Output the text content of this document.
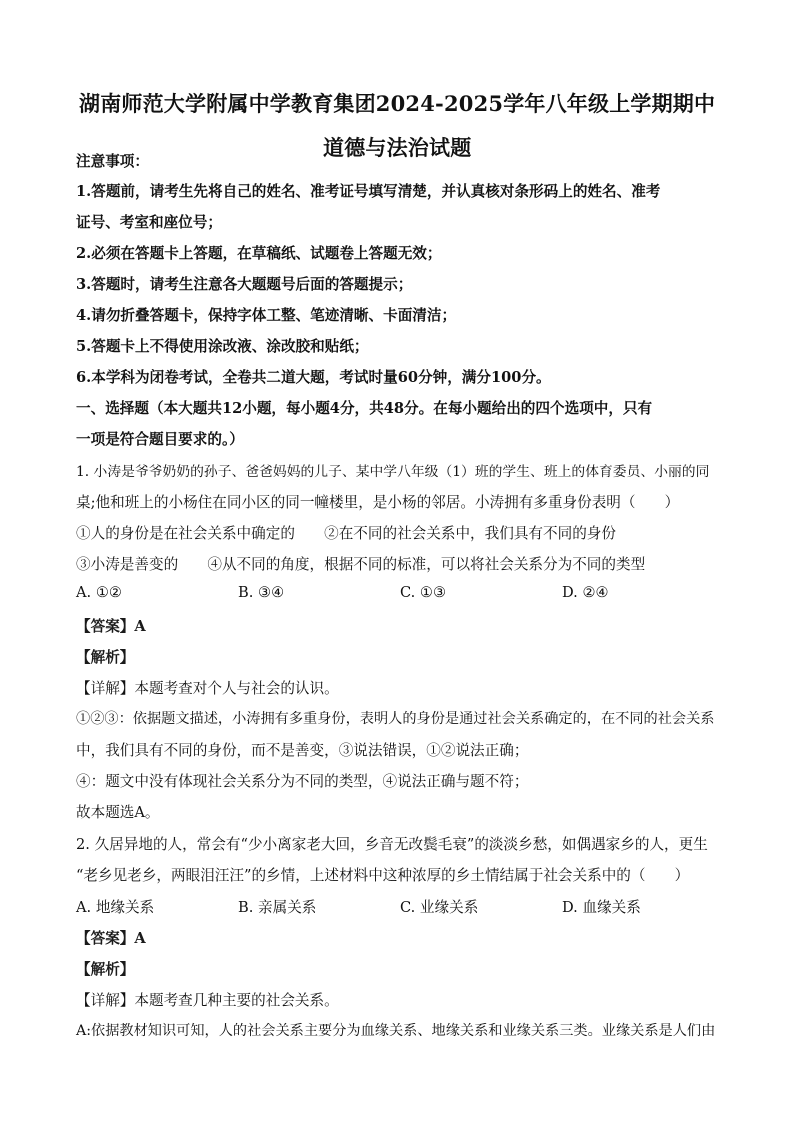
湖南师范大学附属中学教育集团2024-2025学年八年级上学期期中
道德与法治试题
注意事项：
1.答题前，请考生先将自己的姓名、准考证号填写清楚，并认真核对条形码上的姓名、准考
证号、考室和座位号；
2.必须在答题卡上答题，在草稿纸、试题卷上答题无效；
3.答题时，请考生注意各大题题号后面的答题提示；
4.请勿折叠答题卡，保持字体工整、笔迹清晰、卡面清洁；
5.答题卡上不得使用涂改液、涂改胶和贴纸；
6.本学科为闭卷考试，全卷共二道大题，考试时量60分钟，满分100分。
一、选择题（本大题共12小题，每小题4分，共48分。在每小题给出的四个选项中，只有
一项是符合题目要求的。）
1. 小涛是爷爷奶奶的孙子、爸爸妈妈的儿子、某中学八年级（1）班的学生、班上的体育委员、小丽的同
桌;他和班上的小杨住在同小区的同一幢楼里，是小杨的邻居。小涛拥有多重身份表明（　　）
①人的身份是在社会关系中确定的　　②在不同的社会关系中，我们具有不同的身份
③小涛是善变的　　④从不同的角度，根据不同的标准，可以将社会关系分为不同的类型
A. ①②	B. ③④	C. ①③	D. ②④
【答案】A
【解析】
【详解】本题考查对个人与社会的认识。
①②③：依据题文描述，小涛拥有多重身份，表明人的身份是通过社会关系确定的，在不同的社会关系
中，我们具有不同的身份，而不是善变，③说法错误，①②说法正确；
④：题文中没有体现社会关系分为不同的类型，④说法正确与题不符；
故本题选A。
2. 久居异地的人，常会有“少小离家老大回，乡音无改鬓毛衰”的淡淡乡愁，如偶遇家乡的人，更生
“老乡见老乡，两眼泪汪汪”的乡情，上述材料中这种浓厚的乡土情结属于社会关系中的（　　）
A. 地缘关系	B. 亲属关系	C. 业缘关系	D. 血缘关系
【答案】A
【解析】
【详解】本题考查几种主要的社会关系。
A:依据教材知识可知，人的社会关系主要分为血缘关系、地缘关系和业缘关系三类。业缘关系是人们由
